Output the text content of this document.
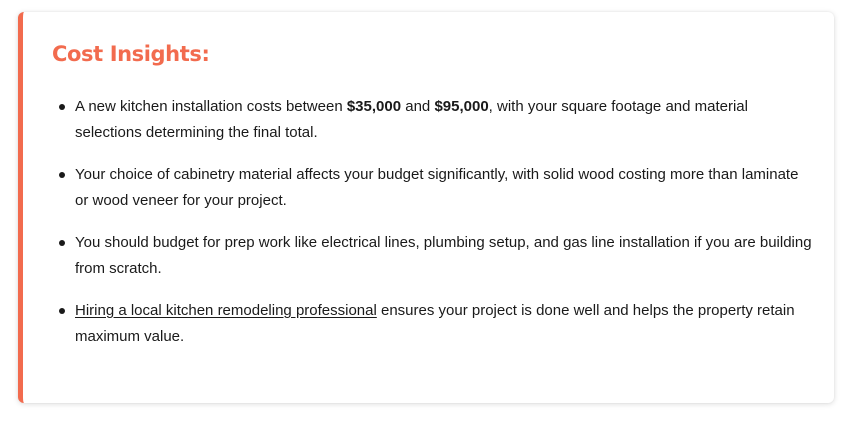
Cost Insights:
A new kitchen installation costs between $35,000 and $95,000, with your square footage and material selections determining the final total.
Your choice of cabinetry material affects your budget significantly, with solid wood costing more than laminate or wood veneer for your project.
You should budget for prep work like electrical lines, plumbing setup, and gas line installation if you are building from scratch.
Hiring a local kitchen remodeling professional ensures your project is done well and helps the property retain maximum value.
